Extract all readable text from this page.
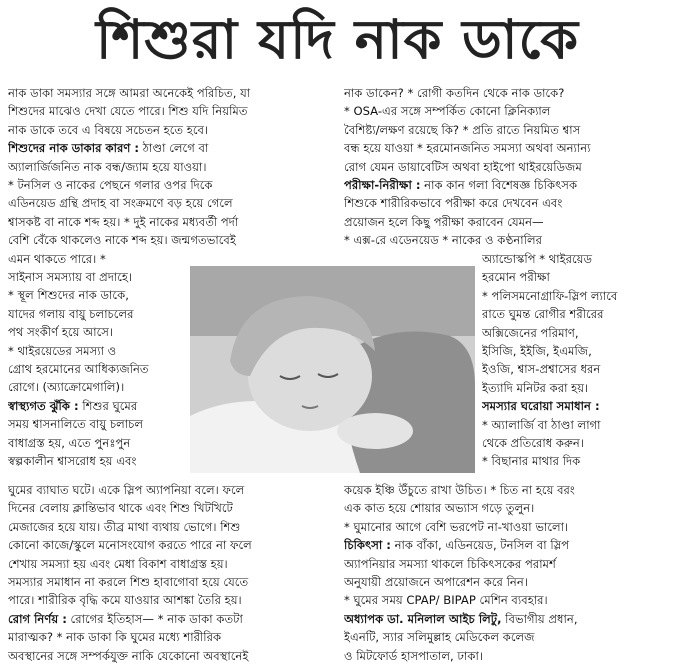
শিশুরা যদি নাক ডাকে

নাক ডাকা সমস্যার সঙ্গে আমরা অনেকেই পরিচিত, যা

শিশুদের মাঝেও দেখা যেতে পারে। শিশু যদি নিয়মিত

নাক ডাকে তবে এ বিষয়ে সচেতন হতে হবে।

শিশুদের নাক ডাকার কারণ : ঠাণ্ডা লেগে বা

অ্যালার্জিজনিত নাক বন্ধ/জ্যাম হয়ে যাওয়া।

* টনসিল ও নাকের পেছনে গলার ওপর দিকে

এডিনয়েড গ্রন্থি প্রদাহ বা সংক্রমণে বড় হয়ে গেলে

শ্বাসকষ্ট বা নাকে শব্দ হয়। * দুই নাকের মধ্যবর্তী পর্দা

বেশি বেঁকে থাকলেও নাকে শব্দ হয়। জন্মগতভাবেই

এমন থাকতে পারে। *

সাইনাস সমস্যায় বা প্রদাহে।

* স্থূল শিশুদের নাক ডাকে,

যাদের গলায় বায়ু চলাচলের

পথ সংকীর্ণ হয়ে আসে।

* থাইরয়েডের সমস্যা ও

গ্রোথ হরমোনের আধিক্যজনিত

রোগে। (অ্যাক্রোমেগালি)।

স্বাস্থ্যগত ঝুঁকি : শিশুর ঘুমের

সময় শ্বাসনালিতে বায়ু চলাচল

বাধাগ্রস্ত হয়, এতে পুনঃপুন

স্বল্পকালীন শ্বাসরোধ হয় এবং

ঘুমের ব্যাঘাত ঘটে। একে স্লিপ অ্যাপনিয়া বলে। ফলে

দিনের বেলায় ক্লান্তিভাব থাকে এবং শিশু খিটখিটে

মেজাজের হয়ে যায়। তীব্র মাথা ব্যথায় ভোগে। শিশু

কোনো কাজে/স্কুলে মনোসংযোগ করতে পারে না ফলে

শেখায় সমস্যা হয় এবং মেধা বিকাশ বাধাগ্রস্ত হয়।

সমস্যার সমাধান না করলে শিশু হাবাগোবা হয়ে যেতে

পারে। শারীরিক বৃদ্ধি কমে যাওয়ার আশঙ্কা তৈরি হয়।

রোগ নির্ণয় : রোগের ইতিহাস— * নাক ডাকা কতটা

মারাত্মক? * নাক ডাকা কি ঘুমের মধ্যে শারীরিক

অবস্থানের সঙ্গে সম্পর্কযুক্ত নাকি যেকোনো অবস্থানেই

নাক ডাকেন? * রোগী কতদিন থেকে নাক ডাকে?

* OSA-এর সঙ্গে সম্পর্কিত কোনো ক্লিনিক্যাল

বৈশিষ্ট্য/লক্ষণ রয়েছে কি? * প্রতি রাতে নিয়মিত শ্বাস

বন্ধ হয়ে যাওয়া * হরমোনজনিত সমস্যা অথবা অন্যান্য

রোগ যেমন ডায়াবেটিস অথবা হাইপো থাইরয়েডিজম

পরীক্ষা-নিরীক্ষা : নাক কান গলা বিশেষজ্ঞ চিকিৎসক

শিশুকে শারীরিকভাবে পরীক্ষা করে দেখবেন এবং

প্রয়োজন হলে কিছু পরীক্ষা করাবেন যেমন—

* এক্স-রে এডেনয়েড * নাকের ও কণ্ঠনালির

অ্যান্ডোস্কপি * থাইরয়েড

হরমোন পরীক্ষা

* পলিসমনোগ্রাফি-স্লিপ ল্যাবে

রাতে ঘুমন্ত রোগীর শরীরের

অক্সিজেনের পরিমাণ,

ইসিজি, ইইজি, ইএমজি,

ইওজি, শ্বাস-প্রশ্বাসের ধরন

ইত্যাদি মনিটর করা হয়।

সমস্যার ঘরোয়া সমাধান :

* অ্যালার্জি বা ঠাণ্ডা লাগা

থেকে প্রতিরোধ করুন।

* বিছানার মাথার দিক

কয়েক ইঞ্চি উঁচুতে রাখা উচিত। * চিত না হয়ে বরং

এক কাত হয়ে শোয়ার অভ্যাস গড়ে তুলুন।

* ঘুমানোর আগে বেশি ভরপেট না-খাওয়া ভালো।

চিকিৎসা : নাক বাঁকা, এডিনয়েড, টনসিল বা স্লিপ

অ্যাপনিয়ার সমস্যা থাকলে চিকিৎসকের পরামর্শ

অনুযায়ী প্রয়োজনে অপারেশন করে নিন।

* ঘুমের সময় CPAP/ BIPAP মেশিন ব্যবহার।

অধ্যাপক ডা. মনিলাল আইচ লিটু, বিভাগীয় প্রধান,

ইএনটি, স্যার সলিমুল্লাহ মেডিকেল কলেজ

ও মিটফোর্ড হাসপাতাল, ঢাকা।
